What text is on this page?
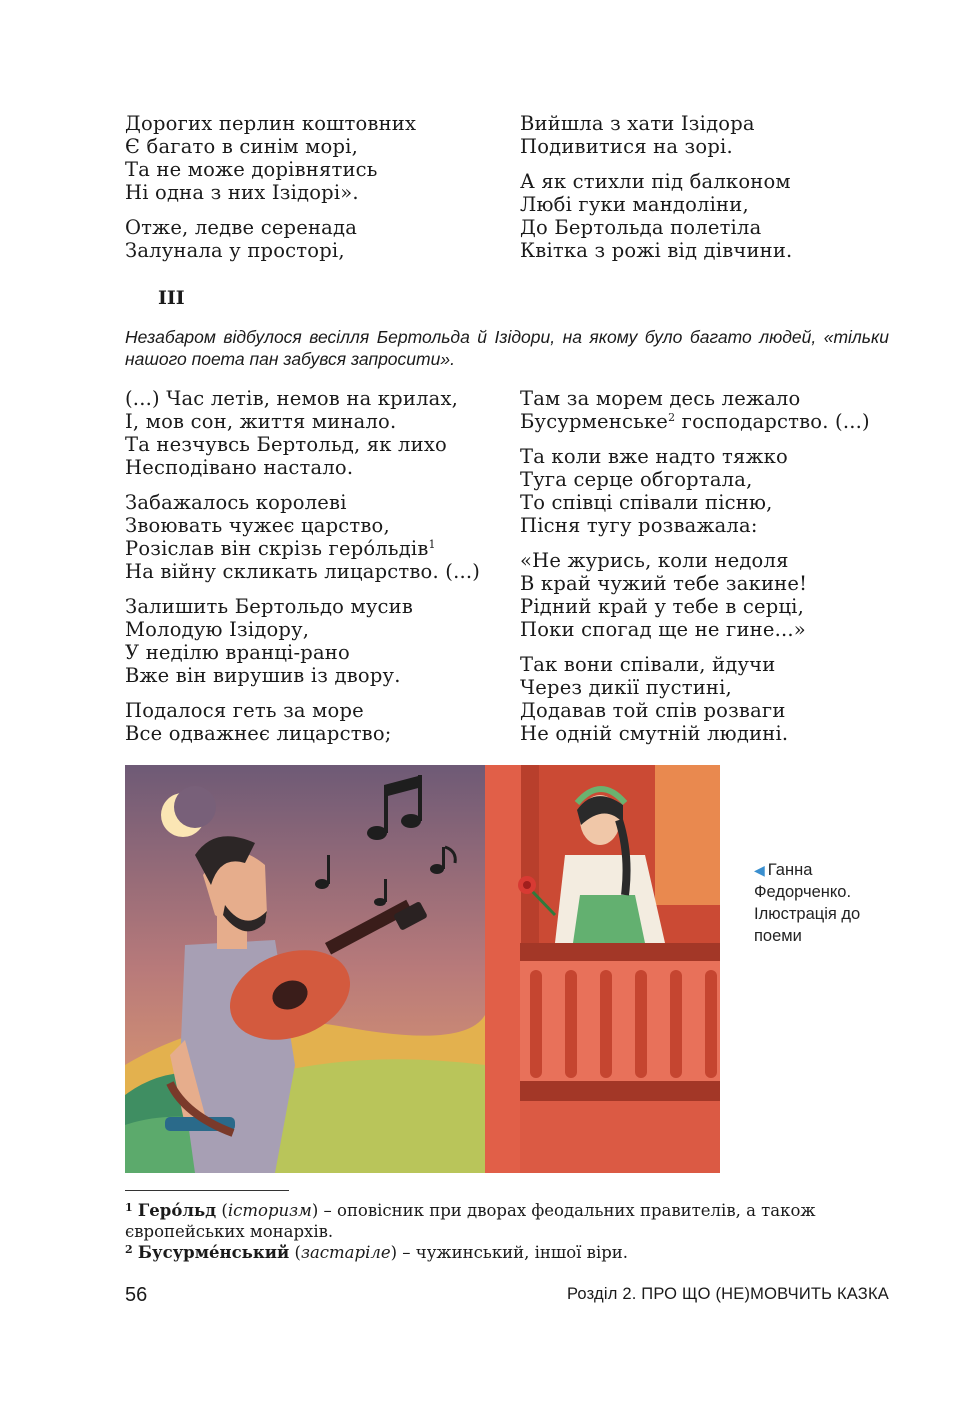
Дорогих перлин коштовних
Є багато в синім морі,
Та не може дорівнятись
Ні одна з них Ізідорі».
Отже, ледве серенада
Залунала у просторі,
Вийшла з хати Ізідора
Подивитися на зорі.
А як стихли під балконом
Любі гуки мандоліни,
До Бертольда полетіла
Квітка з рожі від дівчини.
III
Незабаром відбулося весілля Бертольда й Ізідори, на якому було багато людей, «тільки нашого поета пан забувся запросити».
(...) Час летів, немов на крилах,
І, мов сон, життя минало.
Та незчувсь Бертольд, як лихо
Несподівано настало.
Забажалось королеві
Звоювать чужеє царство,
Розіслав він скрізь геро́льдів$^1$
На війну скликать лицарство. (...)
Залишить Бертольдо мусив
Молодую Ізідору,
У неділю вранці-рано
Вже він вирушив із двору.
Подалося геть за море
Все одважнеє лицарство;
Там за морем десь лежало
Бусурменське$^2$ господарство. (...)
Та коли вже надто тяжко
Туга серце обгортала,
То співці співали пісню,
Пісня тугу розважала:
«Не журись, коли недоля
В край чужий тебе закине!
Рідний край у тебе в серці,
Поки спогад ще не гине...»
Так вони співали, йдучи
Через дикії пустині,
Додавав той спів розваги
Не одній смутній людині.
◀ Ганна Федорченко. Ілюстрація до поеми

$^1$ Геро́льд (історизм) – оповісник при дворах феодальних правителів, а також європейських монархів.

$^2$ Бусурме́нський (застаріле) – чужинський, іншої віри.

56	Розділ 2. ПРО ЩО (НЕ)МОВЧИТЬ КАЗКА
